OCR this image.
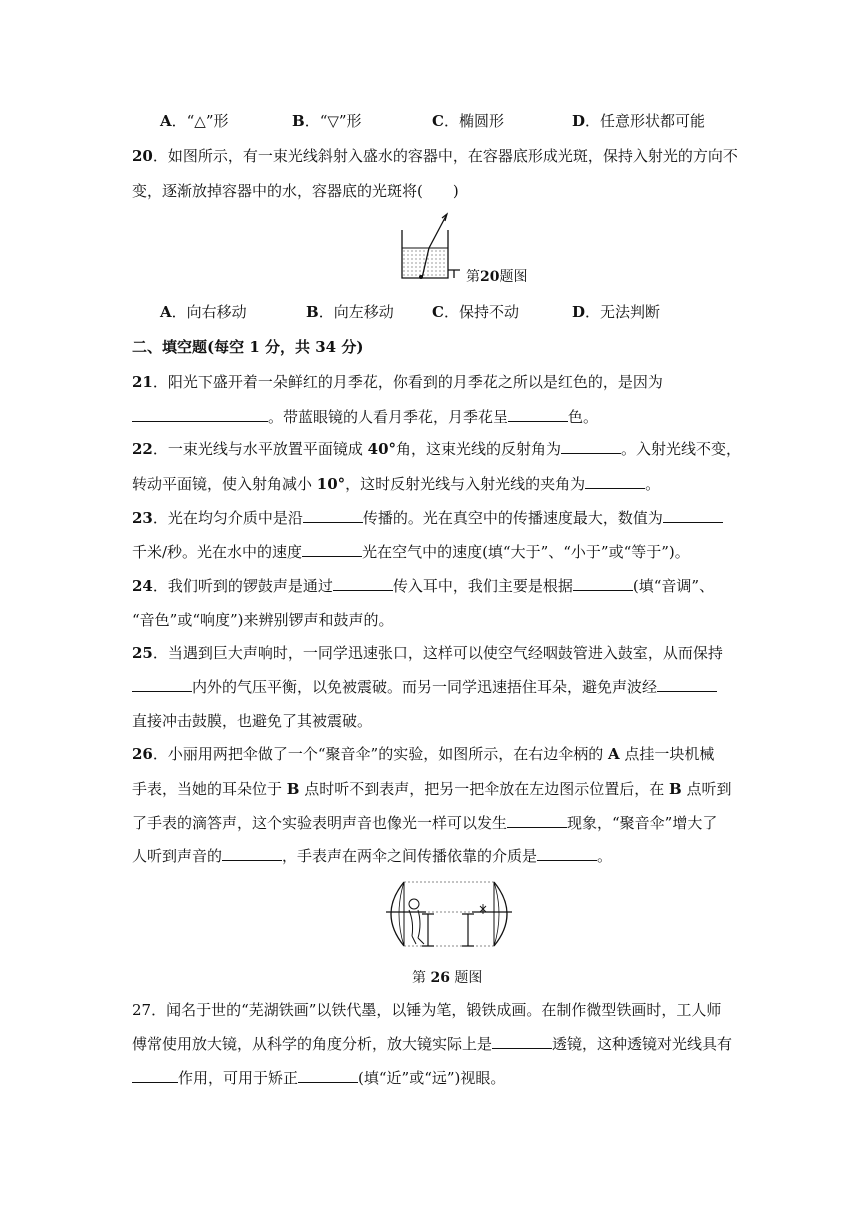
A．“△”形	B．“▽”形	C．椭圆形	D．任意形状都可能
20．如图所示，有一束光线斜射入盛水的容器中，在容器底形成光斑，保持入射光的方向不
变，逐渐放掉容器中的水，容器底的光斑将(　　)
第20题图
A．向右移动	B．向左移动	C．保持不动	D．无法判断
二、填空题(每空 1 分，共 34 分)
21．阳光下盛开着一朵鲜红的月季花，你看到的月季花之所以是红色的，是因为
。带蓝眼镜的人看月季花，月季花呈	色。
22．一束光线与水平放置平面镜成 40°角，这束光线的反射角为	。入射光线不变，
转动平面镜，使入射角减小 10°，这时反射光线与入射光线的夹角为	。
23．光在均匀介质中是沿	传播的。光在真空中的传播速度最大，数值为
千米/秒。光在水中的速度	光在空气中的速度(填“大于”、“小于”或“等于”)。
24．我们听到的锣鼓声是通过	传入耳中，我们主要是根据	(填“音调”、
“音色”或“响度”)来辨别锣声和鼓声的。
25．当遇到巨大声响时，一同学迅速张口，这样可以使空气经咽鼓管进入鼓室，从而保持
内外的气压平衡，以免被震破。而另一同学迅速捂住耳朵，避免声波经
直接冲击鼓膜，也避免了其被震破。
26．小丽用两把伞做了一个“聚音伞”的实验，如图所示，在右边伞柄的 A 点挂一块机械
手表，当她的耳朵位于 B 点时听不到表声，把另一把伞放在左边图示位置后，在 B 点听到
了手表的滴答声，这个实验表明声音也像光一样可以发生	现象，“聚音伞”增大了
人听到声音的	，手表声在两伞之间传播依靠的介质是	。
第 26 题图
27．闻名于世的“芜湖铁画”以铁代墨，以锤为笔，锻铁成画。在制作微型铁画时，工人师
傅常使用放大镜，从科学的角度分析，放大镜实际上是	透镜，这种透镜对光线具有
作用，可用于矫正	(填“近”或“远”)视眼。
